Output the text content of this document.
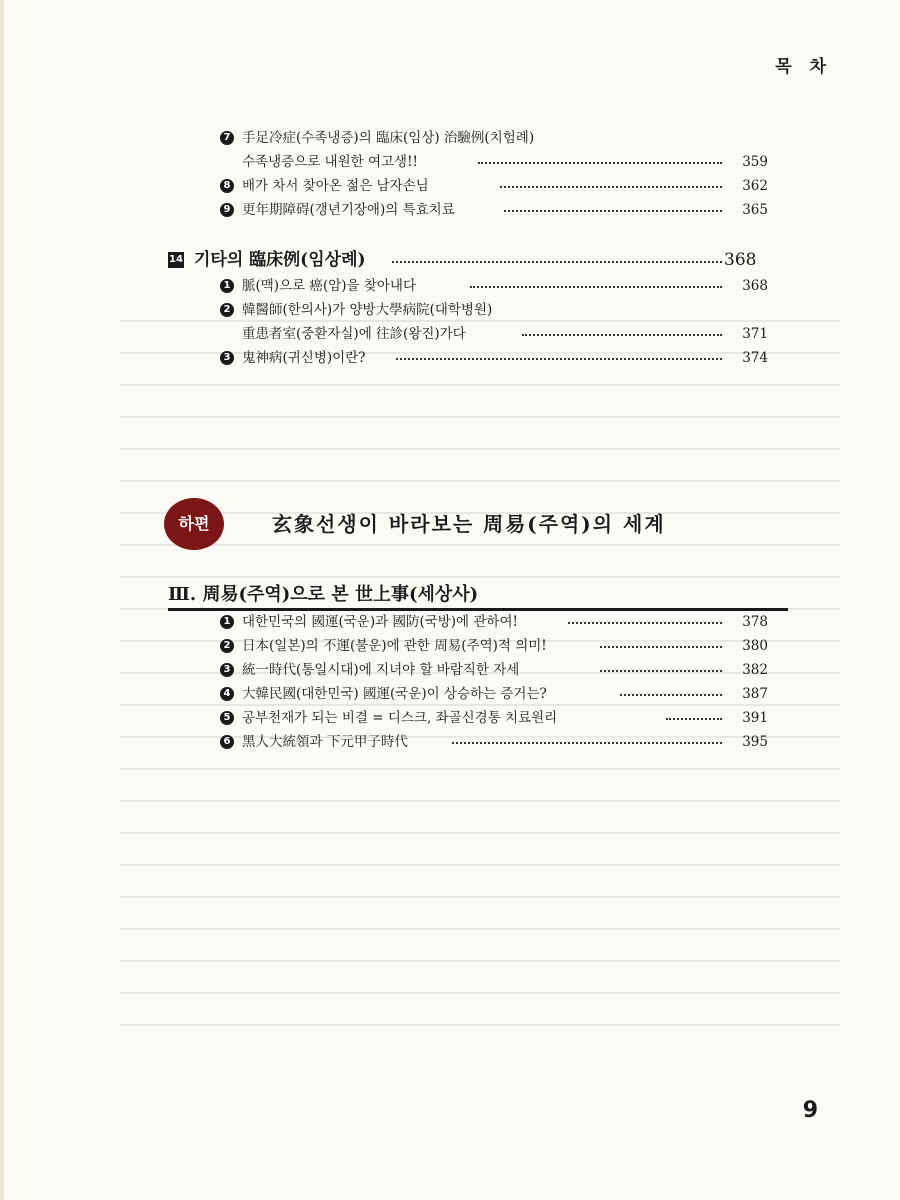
목 차
7 手足冷症(수족냉증)의 臨床(임상) 治驗例(치험례)
수족냉증으로 내원한 여고생!!	359
8 배가 차서 찾아온 젊은 남자손님	362
9 更年期障碍(갱년기장애)의 특효치료	365
14 기타의 臨床例(임상례)	368
1 脈(맥)으로 癌(암)을 찾아내다	368
2 韓醫師(한의사)가 양방大學病院(대학병원)
重患者室(중환자실)에 往診(왕진)가다	371
3 鬼神病(귀신병)이란?	374
하편	玄象선생이 바라보는 周易(주역)의 세계
Ⅲ. 周易(주역)으로 본 世上事(세상사)
1 대한민국의 國運(국운)과 國防(국방)에 관하여!	378
2 日本(일본)의 不運(불운)에 관한 周易(주역)적 의미!	380
3 統一時代(통일시대)에 지녀야 할 바람직한 자세	382
4 大韓民國(대한민국) 國運(국운)이 상승하는 증거는?	387
5 공부천재가 되는 비결 = 디스크, 좌골신경통 치료원리	391
6 黑人大統領과 下元甲子時代	395
9
